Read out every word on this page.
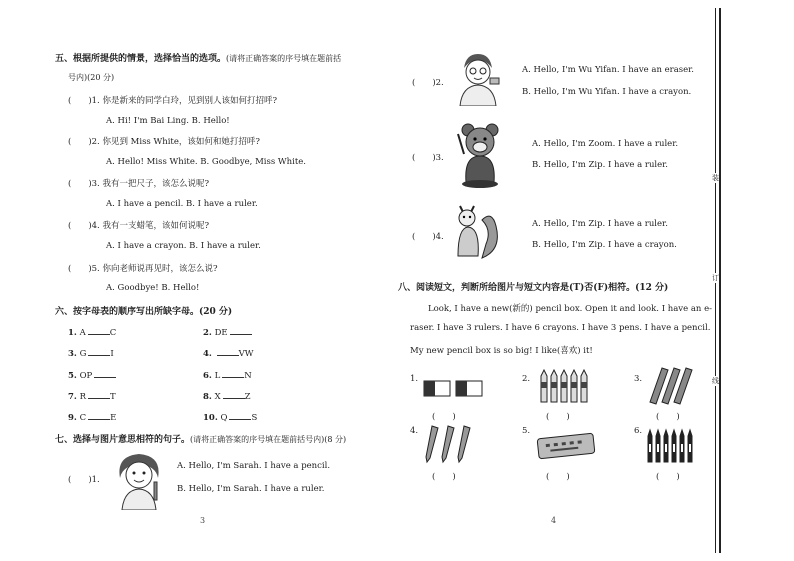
五、根据所提供的情景，选择恰当的选项。(请将正确答案的序号填在题前括
号内)(20 分)
(　　)1. 你是新来的同学白玲，见到别人该如何打招呼?
A. Hi! I'm Bai Ling. B. Hello!
(　　)2. 你见到 Miss White，该如何和她打招呼?
A. Hello! Miss White. B. Goodbye, Miss White.
(　　)3. 我有一把尺子，该怎么说呢?
A. I have a pencil. B. I have a ruler.
(　　)4. 我有一支蜡笔，该如何说呢?
A. I have a crayon. B. I have a ruler.
(　　)5. 你向老师说再见时，该怎么说?
A. Goodbye! B. Hello!
六、按字母表的顺序写出所缺字母。(20 分)
1. A	C	2. DE
3. G	I	4.	VW
5. OP	6. L	N
7. R	T	8. X	Z
9. C	E	10. Q	S
七、选择与图片意思相符的句子。(请将正确答案的序号填在题前括号内)(8 分)
(　　)1.
A. Hello, I'm Sarah. I have a pencil.
B. Hello, I'm Sarah. I have a ruler.
3
(　　)2.
A. Hello, I'm Wu Yifan. I have an eraser.
B. Hello, I'm Wu Yifan. I have a crayon.
(　　)3.
A. Hello, I'm Zoom. I have a ruler.
B. Hello, I'm Zip. I have a ruler.
(　　)4.
A. Hello, I'm Zip. I have a ruler.
B. Hello, I'm Zip. I have a crayon.
八、阅读短文，判断所给图片与短文内容是(T)否(F)相符。(12 分)
Look, I have a new(新的) pencil box. Open it and look. I have an e-
raser. I have 3 rulers. I have 6 crayons. I have 3 pens. I have a pencil.
My new pencil box is so big! I like(喜欢) it!
1.
(　　)
2.
(　　)
3.
(　　)
4.
(　　)
5.
(　　)
6.
(　　)
4
装
订
线
